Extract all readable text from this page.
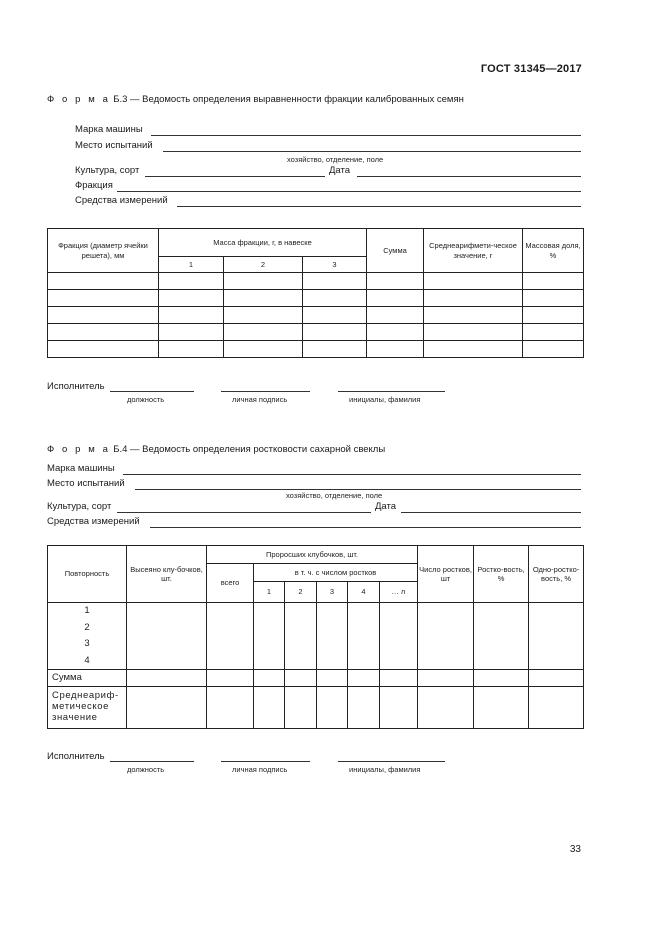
ГОСТ 31345—2017
Ф о р м а Б.3 — Ведомость определения выравненности фракции калиброванных семян
Марка машины
Место испытаний
хозяйство, отделение, поле
Культура, сорт	Дата
Фракция
Средства измерений
Фракция (диаметр ячейки решета), мм	Масса фракции, г, в навеске			Сумма	Среднеарифмети-ческое значение, г	Массовая доля, %
	1	2	3			

Исполнитель
должность	личная подпись	инициалы, фамилия
Ф о р м а Б.4 — Ведомость определения ростковости сахарной свеклы
Марка машины
Место испытаний
хозяйство, отделение, поле
Культура, сорт	Дата
Средства измерений
Повторность	Высеяно клу-бочков, шт.	Проросших клубочков, шт.						Число ростков, шт	Ростко-вость, %	Одно-ростко-вость, %
		всего	в т. ч. с числом ростков							
			1	2	3	4	… n			

1
2
3
4										

Сумма										
Среднеариф-метическое значение										
Исполнитель
должность	личная подпись	инициалы, фамилия
33
